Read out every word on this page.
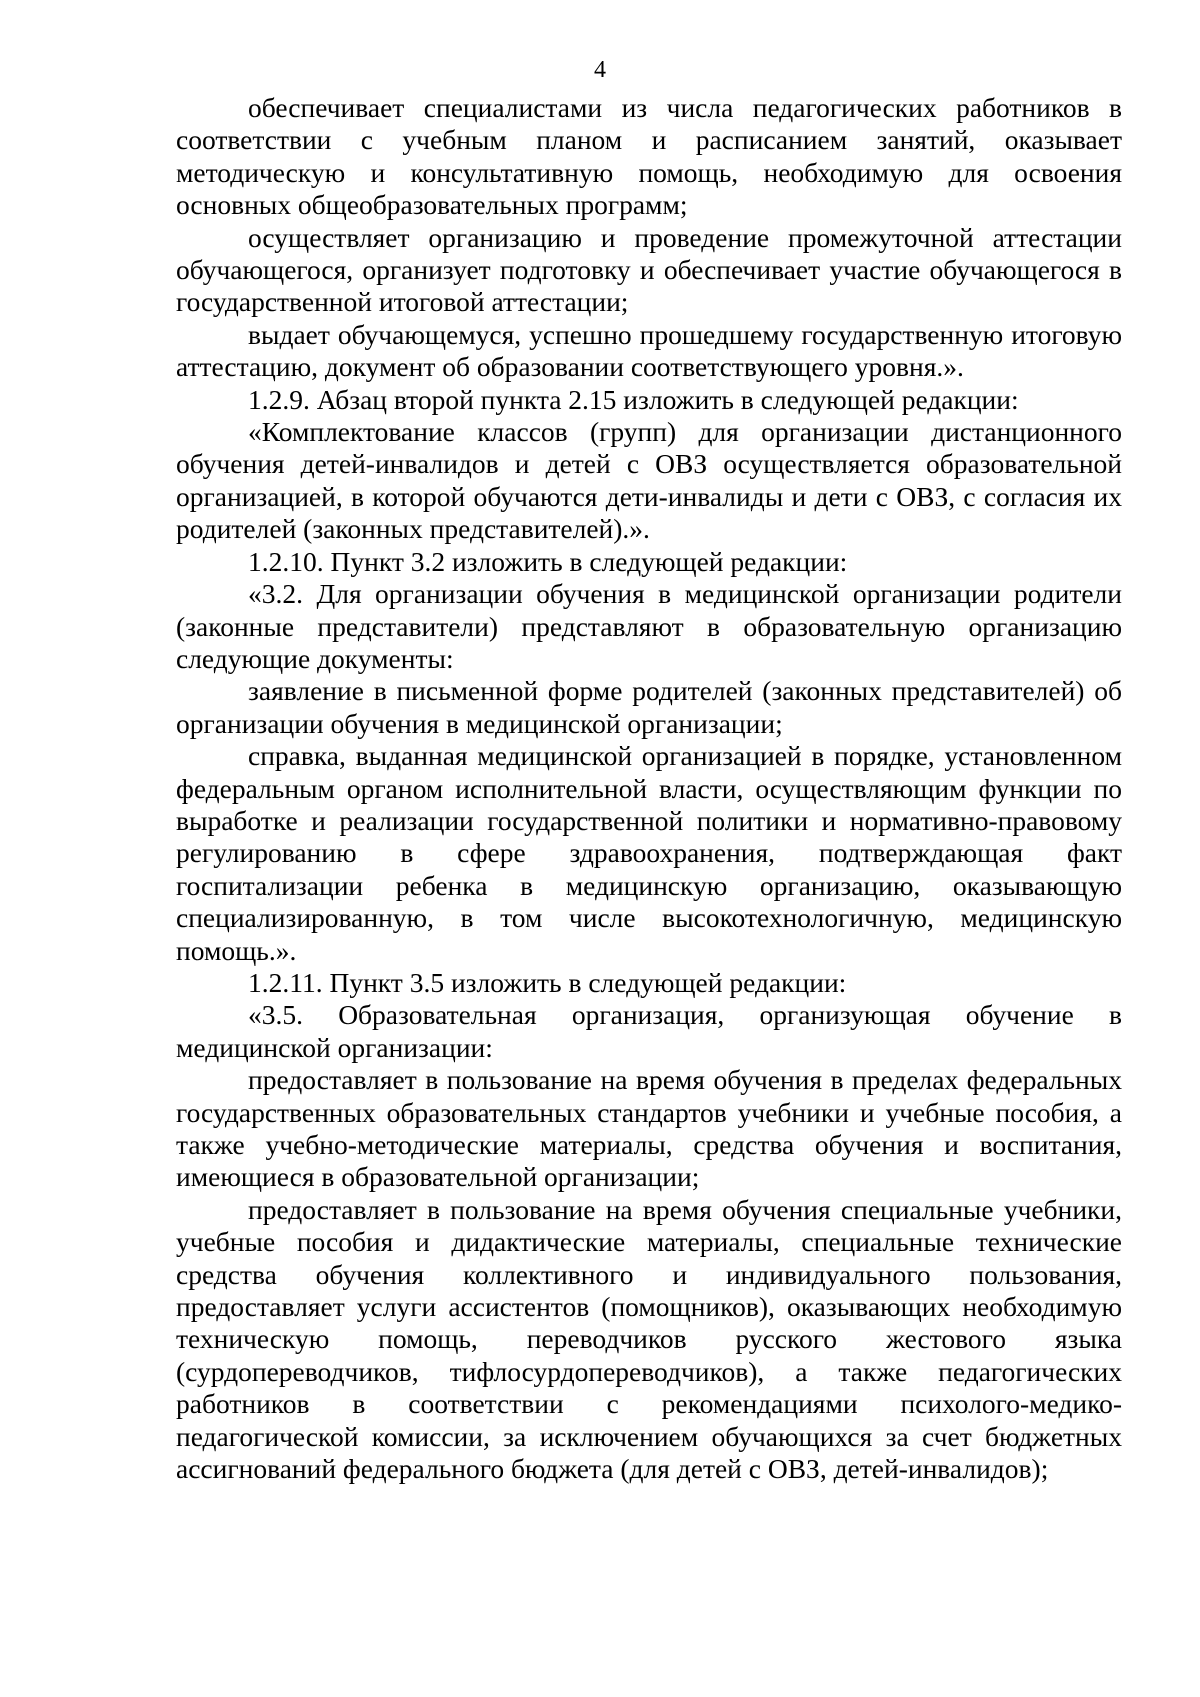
4

обеспечивает специалистами из числа педагогических работников в соответствии с учебным планом и расписанием занятий, оказывает методическую и консультативную помощь, необходимую для освоения основных общеобразовательных программ;

осуществляет организацию и проведение промежуточной аттестации обучающегося, организует подготовку и обеспечивает участие обучающегося в государственной итоговой аттестации;

выдает обучающемуся, успешно прошедшему государственную итоговую аттестацию, документ об образовании соответствующего уровня.».

1.2.9. Абзац второй пункта 2.15 изложить в следующей редакции:

«Комплектование классов (групп) для организации дистанционного обучения детей-инвалидов и детей с ОВЗ осуществляется образовательной организацией, в которой обучаются дети-инвалиды и дети с ОВЗ, с согласия их родителей (законных представителей).».

1.2.10. Пункт 3.2 изложить в следующей редакции:

«3.2. Для организации обучения в медицинской организации родители (законные представители) представляют в образовательную организацию следующие документы:

заявление в письменной форме родителей (законных представителей) об организации обучения в медицинской организации;

справка, выданная медицинской организацией в порядке, установленном федеральным органом исполнительной власти, осуществляющим функции по выработке и реализации государственной политики и нормативно-правовому регулированию в сфере здравоохранения, подтверждающая факт госпитализации ребенка в медицинскую организацию, оказывающую специализированную, в том числе высокотехнологичную, медицинскую помощь.».

1.2.11. Пункт 3.5 изложить в следующей редакции:

«3.5. Образовательная организация, организующая обучение в медицинской организации:

предоставляет в пользование на время обучения в пределах федеральных государственных образовательных стандартов учебники и учебные пособия, а также учебно-методические материалы, средства обучения и воспитания, имеющиеся в образовательной организации;

предоставляет в пользование на время обучения специальные учебники, учебные пособия и дидактические материалы, специальные технические средства обучения коллективного и индивидуального пользования, предоставляет услуги ассистентов (помощников), оказывающих необходимую техническую помощь, переводчиков русского жестового языка (сурдопереводчиков, тифлосурдопереводчиков), а также педагогических работников в соответствии с рекомендациями психолого-медико-педагогической комиссии, за исключением обучающихся за счет бюджетных ассигнований федерального бюджета (для детей с ОВЗ, детей-инвалидов);
